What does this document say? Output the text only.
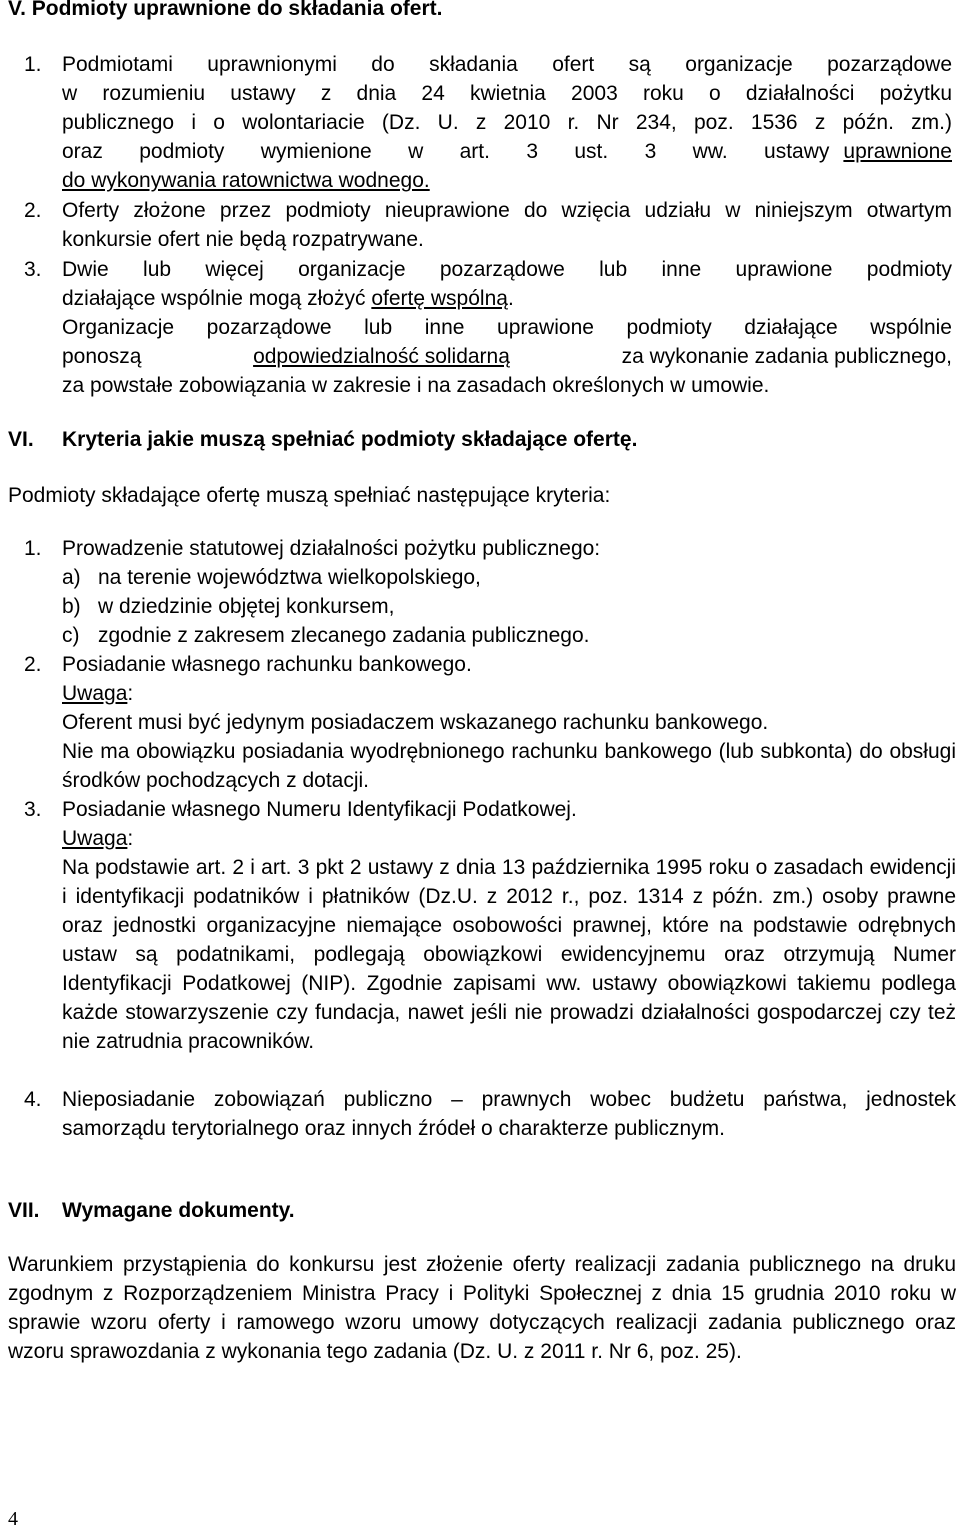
V. Podmioty uprawnione do składania ofert.
1. Podmiotami uprawnionymi do składania ofert są organizacje pozarządowe
w rozumieniu ustawy z dnia 24 kwietnia 2003 roku o działalności pożytku
publicznego i o wolontariacie (Dz. U. z 2010 r. Nr 234, poz. 1536 z późn. zm.)
oraz podmioty wymienione w art. 3 ust. 3 ww. ustawy uprawnione
do wykonywania ratownictwa wodnego.
2. Oferty złożone przez podmioty nieuprawione do wzięcia udziału w niniejszym otwartym konkursie ofert nie będą rozpatrywane.
3. Dwie lub więcej organizacje pozarządowe lub inne uprawione podmioty
działające wspólnie mogą złożyć ofertę wspólną.
Organizacje pozarządowe lub inne uprawione podmioty działające wspólnie
ponoszą	odpowiedzialność solidarną	za wykonanie zadania publicznego,
za powstałe zobowiązania w zakresie i na zasadach określonych w umowie.
VI. Kryteria jakie muszą spełniać podmioty składające ofertę.
Podmioty składające ofertę muszą spełniać następujące kryteria:
1. Prowadzenie statutowej działalności pożytku publicznego:
a) na terenie województwa wielkopolskiego,
b) w dziedzinie objętej konkursem,
c) zgodnie z zakresem zlecanego zadania publicznego.
2. Posiadanie własnego rachunku bankowego.
Uwaga:
Oferent musi być jedynym posiadaczem wskazanego rachunku bankowego.
Nie ma obowiązku posiadania wyodrębnionego rachunku bankowego (lub subkonta) do obsługi środków pochodzących z dotacji.
3. Posiadanie własnego Numeru Identyfikacji Podatkowej.
Uwaga:
Na podstawie art. 2 i art. 3 pkt 2 ustawy z dnia 13 października 1995 roku o zasadach ewidencji i identyfikacji podatników i płatników (Dz.U. z 2012 r., poz. 1314 z późn. zm.) osoby prawne oraz jednostki organizacyjne niemające osobowości prawnej, które na podstawie odrębnych ustaw są podatnikami, podlegają obowiązkowi ewidencyjnemu oraz otrzymują Numer Identyfikacji Podatkowej (NIP). Zgodnie zapisami ww. ustawy obowiązkowi takiemu podlega każde stowarzyszenie czy fundacja, nawet jeśli nie prowadzi działalności gospodarczej czy też nie zatrudnia pracowników.
4. Nieposiadanie zobowiązań publiczno – prawnych wobec budżetu państwa, jednostek samorządu terytorialnego oraz innych źródeł o charakterze publicznym.
VII. Wymagane dokumenty.
Warunkiem przystąpienia do konkursu jest złożenie oferty realizacji zadania publicznego na druku zgodnym z Rozporządzeniem Ministra Pracy i Polityki Społecznej z dnia 15 grudnia 2010 roku w sprawie wzoru oferty i ramowego wzoru umowy dotyczących realizacji zadania publicznego oraz wzoru sprawozdania z wykonania tego zadania (Dz. U. z 2011 r. Nr 6, poz. 25).
4
